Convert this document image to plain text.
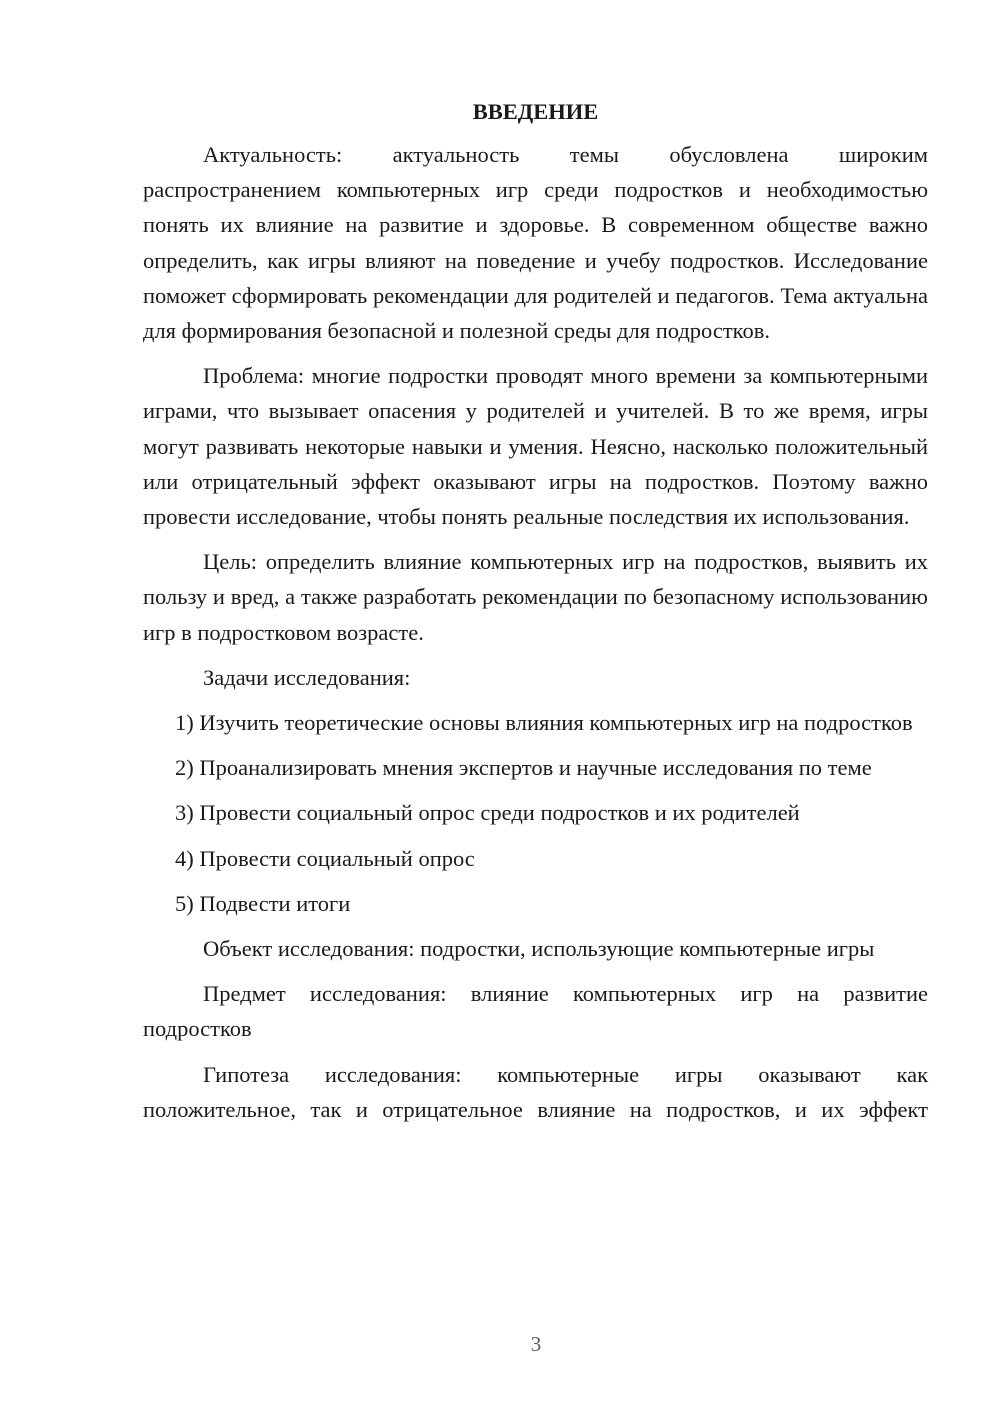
ВВЕДЕНИЕ

Актуальность: актуальность темы обусловлена широким распространением компьютерных игр среди подростков и необходимостью понять их влияние на развитие и здоровье. В современном обществе важно определить, как игры влияют на поведение и учебу подростков. Исследование поможет сформировать рекомендации для родителей и педагогов. Тема актуальна для формирования безопасной и полезной среды для подростков.

Проблема: многие подростки проводят много времени за компьютерными играми, что вызывает опасения у родителей и учителей. В то же время, игры могут развивать некоторые навыки и умения. Неясно, насколько положительный или отрицательный эффект оказывают игры на подростков. Поэтому важно провести исследование, чтобы понять реальные последствия их использования.

Цель: определить влияние компьютерных игр на подростков, выявить их пользу и вред, а также разработать рекомендации по безопасному использованию игр в подростковом возрасте.

Задачи исследования:

1) Изучить теоретические основы влияния компьютерных игр на подростков

2) Проанализировать мнения экспертов и научные исследования по теме

3) Провести социальный опрос среди подростков и их родителей

4) Провести социальный опрос

5) Подвести итоги

Объект исследования: подростки, использующие компьютерные игры

Предмет исследования: влияние компьютерных игр на развитие подростков

Гипотеза исследования: компьютерные игры оказывают как положительное, так и отрицательное влияние на подростков, и их эффект

3
